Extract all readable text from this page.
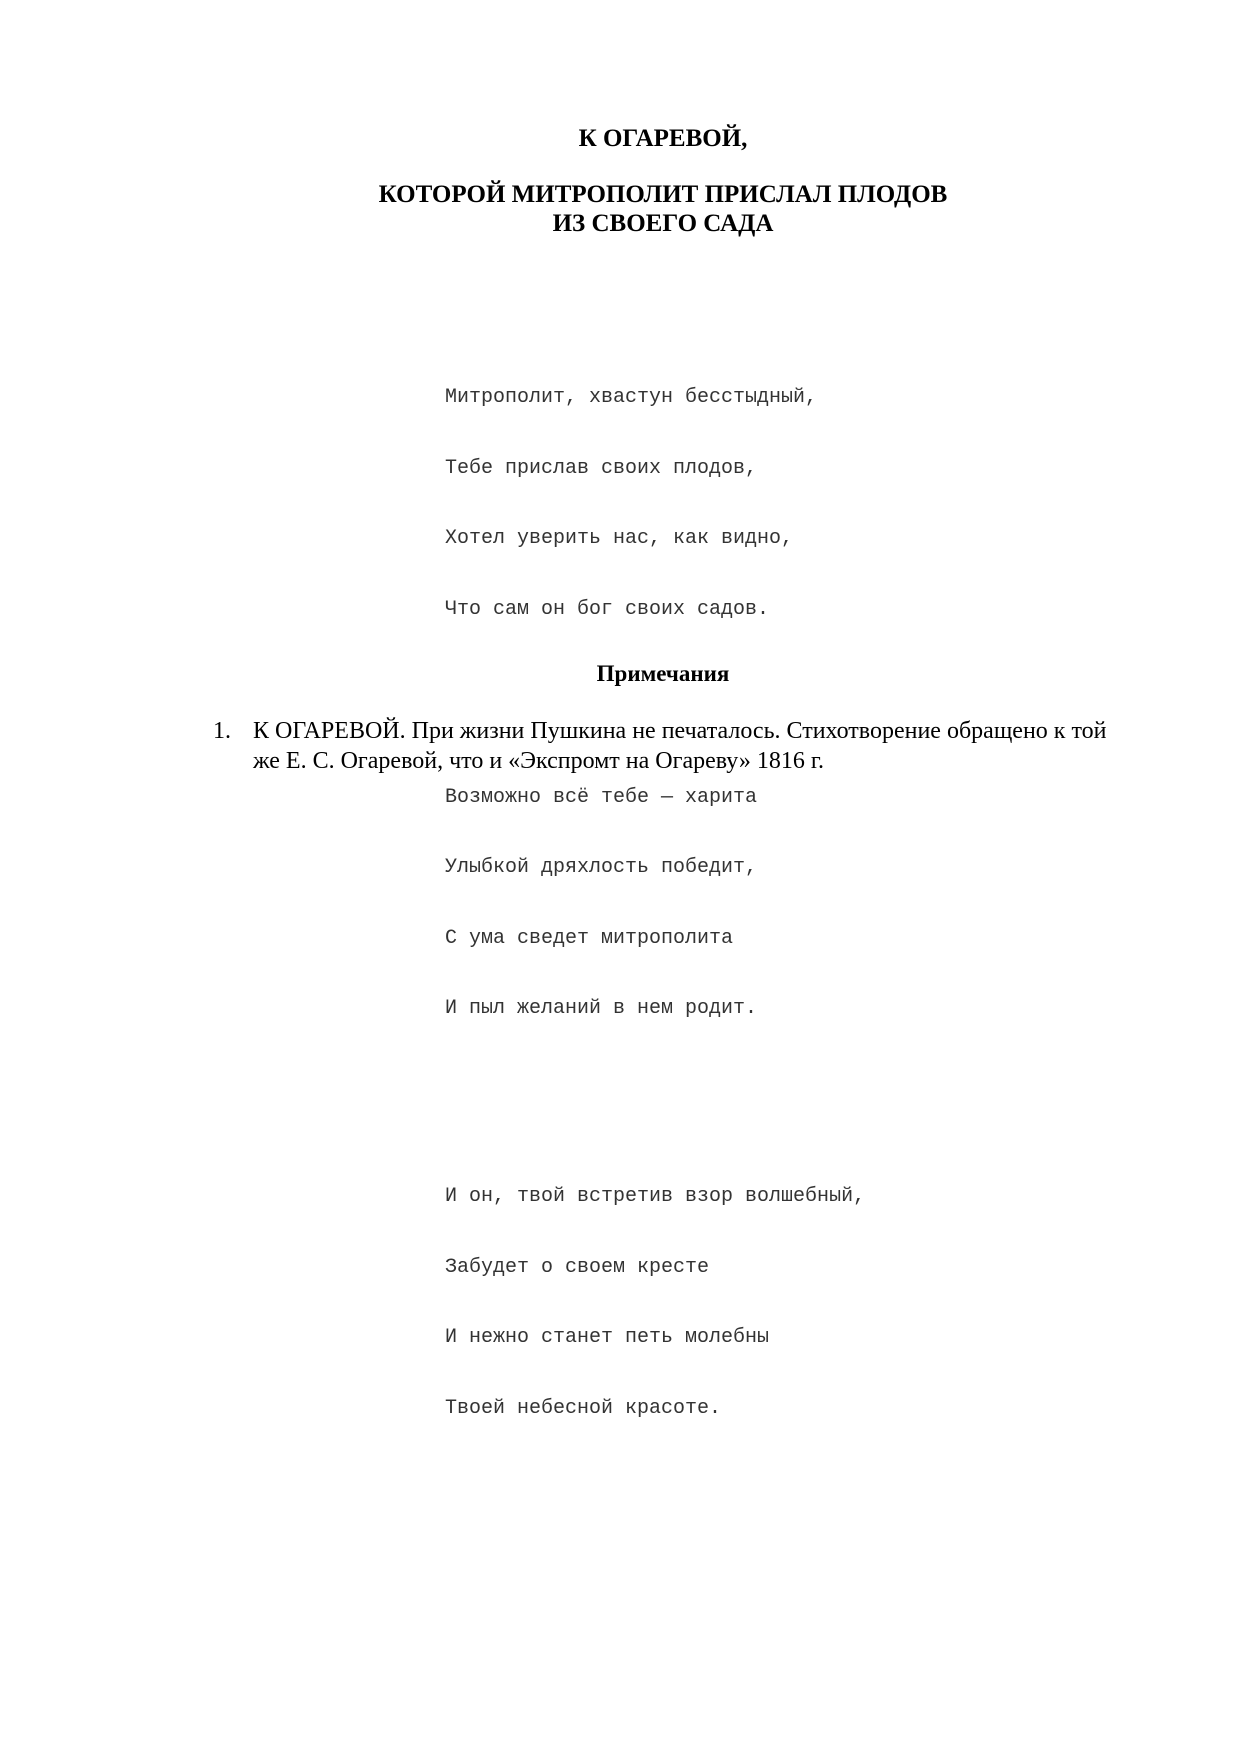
К ОГАРЕВОЙ,
КОТОРОЙ МИТРОПОЛИТ ПРИСЛАЛ ПЛОДОВ
ИЗ СВОЕГО САДА

Митрополит, хвастун бесстыдный,

Тебе прислав своих плодов,

Хотел уверить нас, как видно,

Что сам он бог своих садов.

Возможно всё тебе — харита

Улыбкой дряхлость победит,

С ума сведет митрополита

И пыл желаний в нем родит.

И он, твой встретив взор волшебный,

Забудет о своем кресте

И нежно станет петь молебны

Твоей небесной красоте.

Примечания
1. К ОГАРЕВОЙ. При жизни Пушкина не печаталось. Стихотворение обращено к той
же Е. С. Огаревой, что и «Экспромт на Огареву» 1816 г.
